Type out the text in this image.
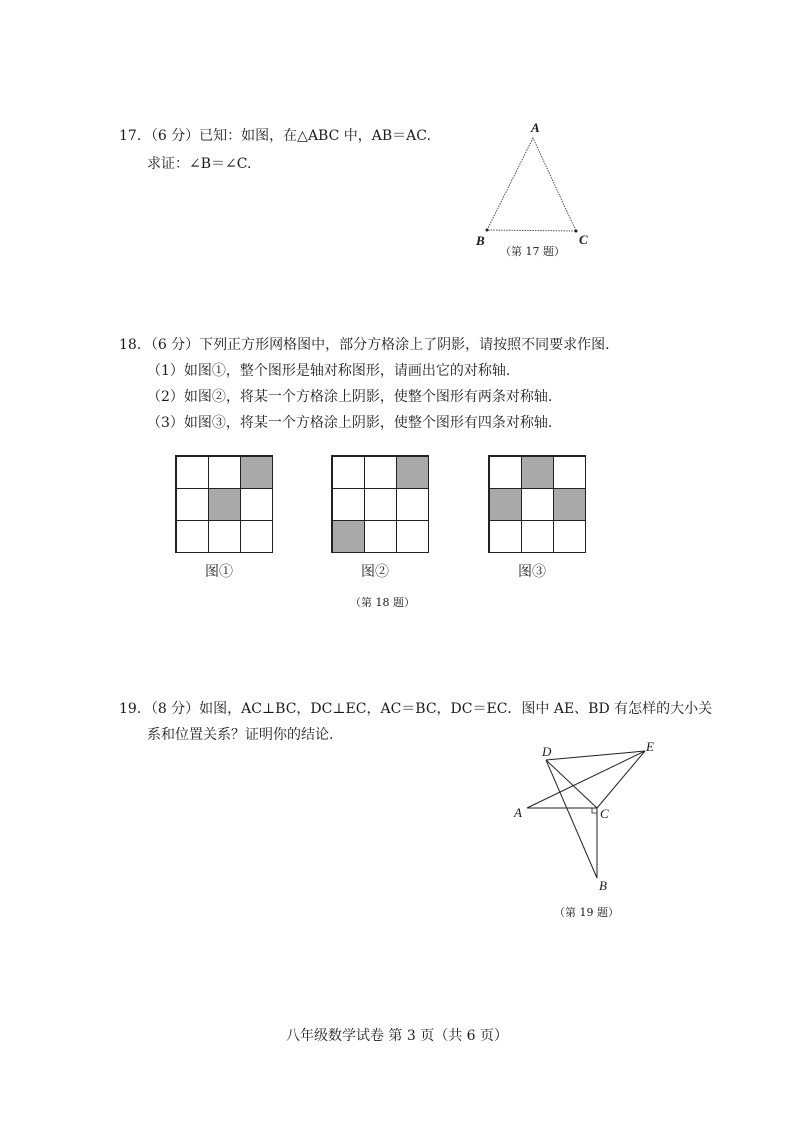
17．（6 分）已知：如图，在△ABC 中，AB＝AC.
求证：∠B＝∠C.
A
B	C
（第 17 题）
18．（6 分）下列正方形网格图中，部分方格涂上了阴影，请按照不同要求作图.
（1）如图①，整个图形是轴对称图形，请画出它的对称轴.
（2）如图②，将某一个方格涂上阴影，使整个图形有两条对称轴.
（3）如图③，将某一个方格涂上阴影，使整个图形有四条对称轴.
图①	图②	图③
（第 18 题）
19．（8 分）如图，AC⊥BC，DC⊥EC，AC＝BC，DC＝EC．图中 AE、BD 有怎样的大小关
系和位置关系？证明你的结论.
D	E
A	C
B
（第 19 题）
八年级数学试卷 第 3 页（共 6 页）
